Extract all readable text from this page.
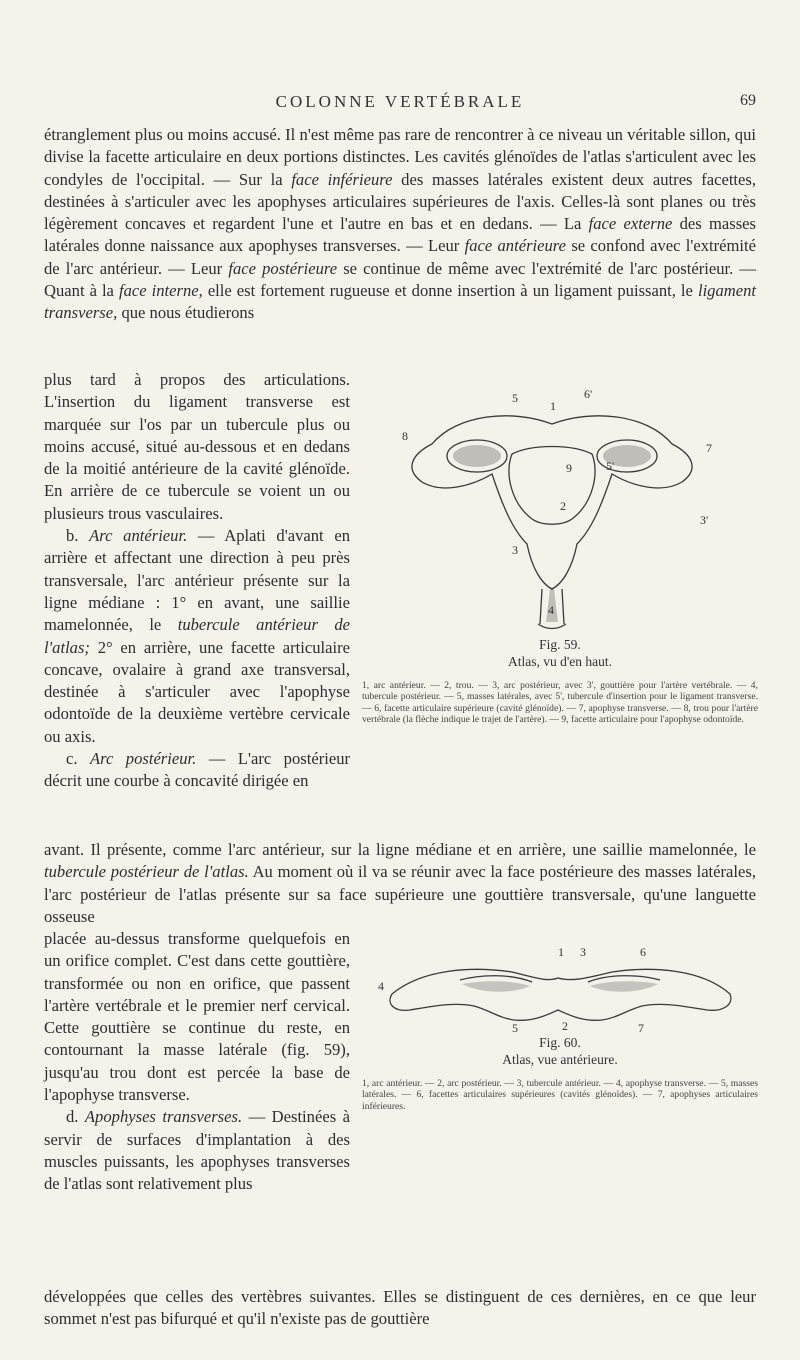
COLONNE VERTÉBRALE	69

étranglement plus ou moins accusé. Il n'est même pas rare de rencontrer à ce niveau un véritable sillon, qui divise la facette articulaire en deux portions distinctes. Les cavités glénoïdes de l'atlas s'articulent avec les condyles de l'occipital. — Sur la face inférieure des masses latérales existent deux autres facettes, destinées à s'articuler avec les apophyses articulaires supérieures de l'axis. Celles-là sont planes ou très légèrement concaves et regardent l'une et l'autre en bas et en dedans. — La face externe des masses latérales donne naissance aux apophyses transverses. — Leur face antérieure se confond avec l'extrémité de l'arc antérieur. — Leur face postérieure se continue de même avec l'extrémité de l'arc postérieur. — Quant à la face interne, elle est fortement rugueuse et donne insertion à un ligament puissant, le ligament transverse, que nous étudierons

plus tard à propos des articulations. L'insertion du ligament transverse est marquée sur l'os par un tubercule plus ou moins accusé, situé au-dessous et en dedans de la moitié antérieure de la cavité glénoïde. En arrière de ce tubercule se voient un ou plusieurs trous vasculaires.

b. Arc antérieur. — Aplati d'avant en arrière et affectant une direction à peu près transversale, l'arc antérieur présente sur la ligne médiane : 1° en avant, une saillie mamelonnée, le tubercule antérieur de l'atlas; 2° en arrière, une facette articulaire concave, ovalaire à grand axe transversal, destinée à s'articuler avec l'apophyse odontoïde de la deuxième vertèbre cervicale ou axis.

c. Arc postérieur. — L'arc postérieur décrit une courbe à concavité dirigée en

1
6'
5
8
7
9	5'
2
3'
3
4
Fig. 59.
Atlas, vu d'en haut.
1, arc antérieur. — 2, trou. — 3, arc postérieur, avec 3', gouttière pour l'artère vertébrale. — 4, tubercule postérieur. — 5, masses latérales, avec 5', tubercule d'insertion pour le ligament transverse. — 6, facette articulaire supérieure (cavité glénoïde). — 7, apophyse transverse. — 8, trou pour l'artère vertébrale (la flèche indique le trajet de l'artère). — 9, facette articulaire pour l'apophyse odontoïde.

avant. Il présente, comme l'arc antérieur, sur la ligne médiane et en arrière, une saillie mamelonnée, le tubercule postérieur de l'atlas. Au moment où il va se réunir avec la face postérieure des masses latérales, l'arc postérieur de l'atlas présente sur sa face supérieure une gouttière transversale, qu'une languette osseuse

placée au-dessus transforme quelquefois en un orifice complet. C'est dans cette gouttière, transformée ou non en orifice, que passent l'artère vertébrale et le premier nerf cervical. Cette gouttière se continue du reste, en contournant la masse latérale (fig. 59), jusqu'au trou dont est percée la base de l'apophyse transverse.

d. Apophyses transverses. — Destinées à servir de surfaces d'implantation à des muscles puissants, les apophyses transverses de l'atlas sont relativement plus

1 3	6
4
5	2	7
Fig. 60.
Atlas, vue antérieure.
1, arc antérieur. — 2, arc postérieur. — 3, tubercule antérieur. — 4, apophyse transverse. — 5, masses latérales. — 6, facettes articulaires supérieures (cavités glénoïdes). — 7, apophyses articulaires inférieures.

développées que celles des vertèbres suivantes. Elles se distinguent de ces dernières, en ce que leur sommet n'est pas bifurqué et qu'il n'existe pas de gouttière
